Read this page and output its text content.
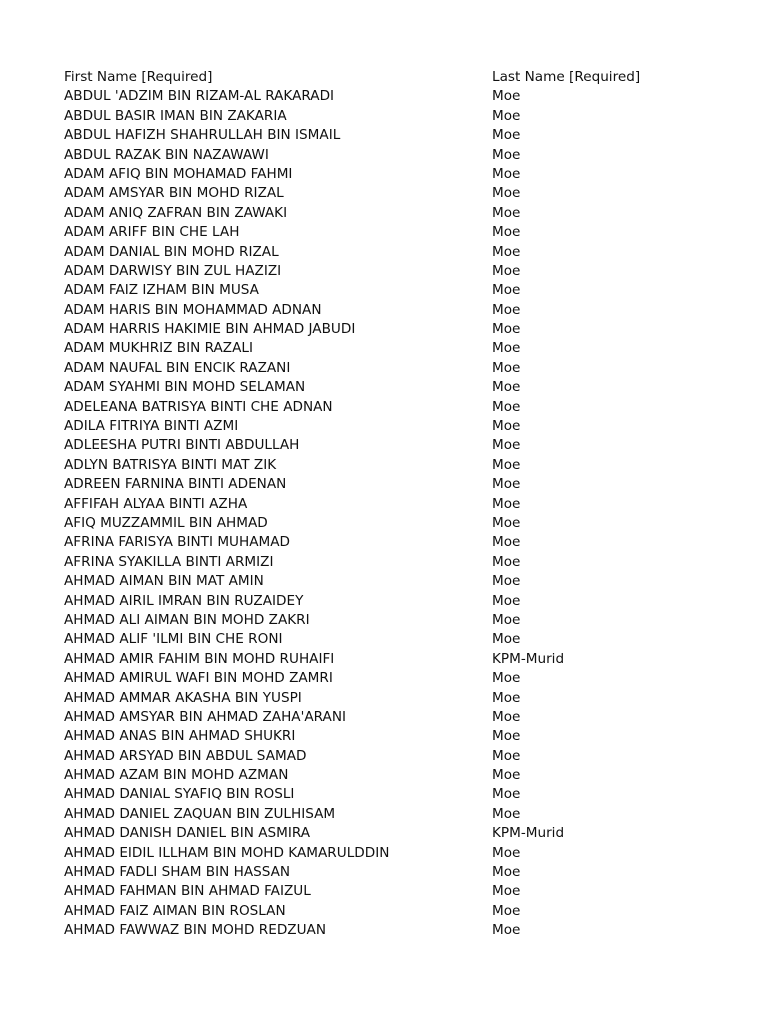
First Name [Required]	Last Name [Required]
ABDUL 'ADZIM BIN RIZAM-AL RAKARADI	Moe
ABDUL BASIR IMAN BIN ZAKARIA	Moe
ABDUL HAFIZH SHAHRULLAH BIN ISMAIL	Moe
ABDUL RAZAK BIN NAZAWAWI	Moe
ADAM AFIQ BIN MOHAMAD FAHMI	Moe
ADAM AMSYAR BIN MOHD RIZAL	Moe
ADAM ANIQ ZAFRAN BIN ZAWAKI	Moe
ADAM ARIFF BIN CHE LAH	Moe
ADAM DANIAL BIN MOHD RIZAL	Moe
ADAM DARWISY BIN ZUL HAZIZI	Moe
ADAM FAIZ IZHAM BIN MUSA	Moe
ADAM HARIS BIN MOHAMMAD ADNAN	Moe
ADAM HARRIS HAKIMIE BIN AHMAD JABUDI	Moe
ADAM MUKHRIZ BIN RAZALI	Moe
ADAM NAUFAL BIN ENCIK RAZANI	Moe
ADAM SYAHMI BIN MOHD SELAMAN	Moe
ADELEANA BATRISYA BINTI CHE ADNAN	Moe
ADILA FITRIYA BINTI AZMI	Moe
ADLEESHA PUTRI BINTI ABDULLAH	Moe
ADLYN BATRISYA BINTI MAT ZIK	Moe
ADREEN FARNINA BINTI ADENAN	Moe
AFFIFAH ALYAA BINTI AZHA	Moe
AFIQ MUZZAMMIL BIN AHMAD	Moe
AFRINA FARISYA BINTI MUHAMAD	Moe
AFRINA SYAKILLA BINTI ARMIZI	Moe
AHMAD AIMAN BIN MAT AMIN	Moe
AHMAD AIRIL IMRAN BIN RUZAIDEY	Moe
AHMAD ALI AIMAN BIN MOHD ZAKRI	Moe
AHMAD ALIF 'ILMI BIN CHE RONI	Moe
AHMAD AMIR FAHIM BIN MOHD RUHAIFI	KPM-Murid
AHMAD AMIRUL WAFI BIN MOHD ZAMRI	Moe
AHMAD AMMAR AKASHA BIN YUSPI	Moe
AHMAD AMSYAR BIN AHMAD ZAHA'ARANI	Moe
AHMAD ANAS BIN AHMAD SHUKRI	Moe
AHMAD ARSYAD BIN ABDUL SAMAD	Moe
AHMAD AZAM BIN MOHD AZMAN	Moe
AHMAD DANIAL SYAFIQ BIN ROSLI	Moe
AHMAD DANIEL ZAQUAN BIN ZULHISAM	Moe
AHMAD DANISH DANIEL BIN ASMIRA	KPM-Murid
AHMAD EIDIL ILLHAM BIN MOHD KAMARULDDIN	Moe
AHMAD FADLI SHAM BIN HASSAN	Moe
AHMAD FAHMAN BIN AHMAD FAIZUL	Moe
AHMAD FAIZ AIMAN BIN ROSLAN	Moe
AHMAD FAWWAZ BIN MOHD REDZUAN	Moe
